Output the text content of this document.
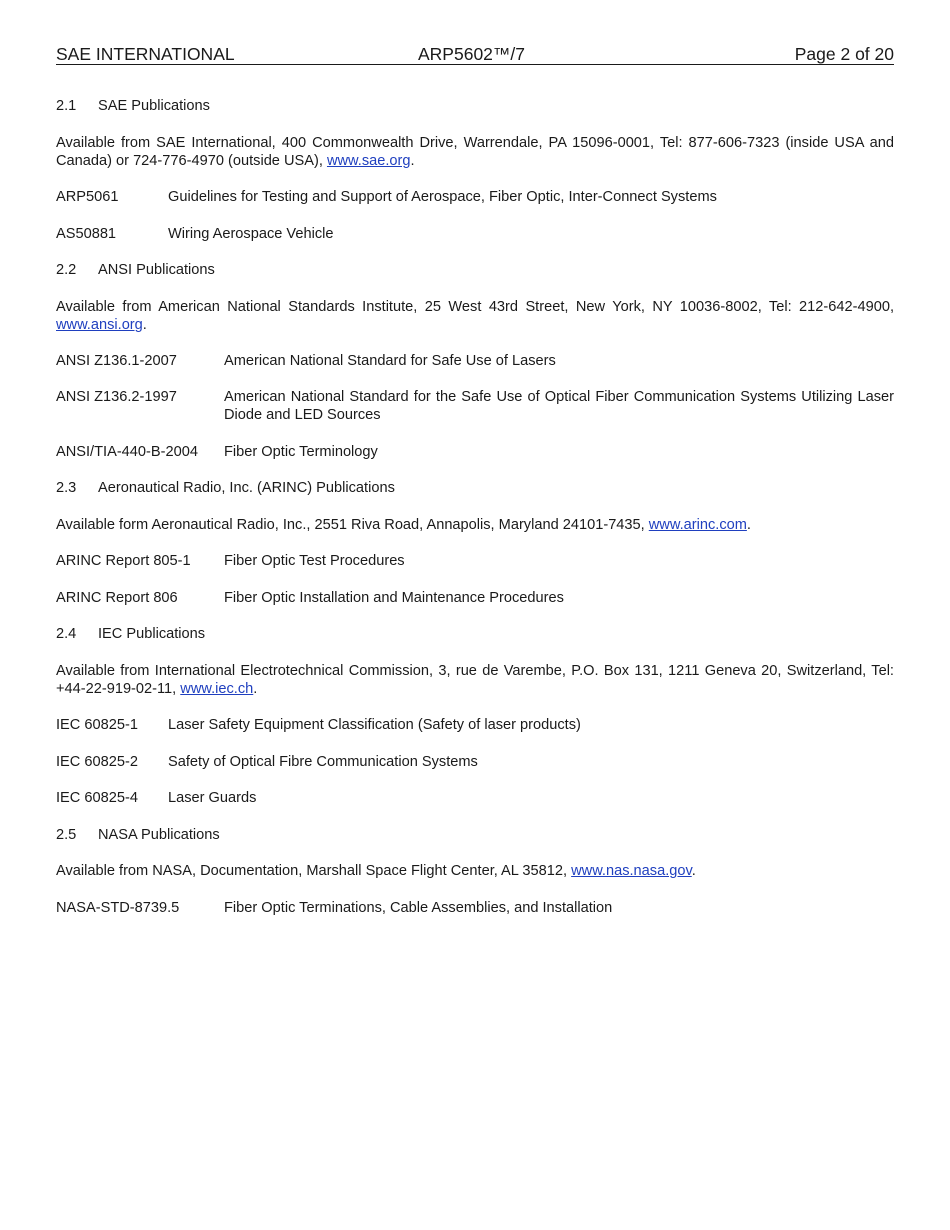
SAE INTERNATIONAL	ARP5602™/7	Page 2 of 20
2.1 SAE Publications
Available from SAE International, 400 Commonwealth Drive, Warrendale, PA 15096-0001, Tel: 877-606-7323 (inside USA and Canada) or 724-776-4970 (outside USA), www.sae.org.
ARP5061	Guidelines for Testing and Support of Aerospace, Fiber Optic, Inter-Connect Systems
AS50881	Wiring Aerospace Vehicle
2.2 ANSI Publications
Available from American National Standards Institute, 25 West 43rd Street, New York, NY 10036-8002, Tel: 212-642-4900, www.ansi.org.
ANSI Z136.1-2007	American National Standard for Safe Use of Lasers
ANSI Z136.2-1997	American National Standard for the Safe Use of Optical Fiber Communication Systems Utilizing Laser Diode and LED Sources
ANSI/TIA-440-B-2004	Fiber Optic Terminology
2.3 Aeronautical Radio, Inc. (ARINC) Publications
Available form Aeronautical Radio, Inc., 2551 Riva Road, Annapolis, Maryland 24101-7435, www.arinc.com.
ARINC Report 805-1	Fiber Optic Test Procedures
ARINC Report 806	Fiber Optic Installation and Maintenance Procedures
2.4 IEC Publications
Available from International Electrotechnical Commission, 3, rue de Varembe, P.O. Box 131, 1211 Geneva 20, Switzerland, Tel: +44-22-919-02-11, www.iec.ch.
IEC 60825-1	Laser Safety Equipment Classification (Safety of laser products)
IEC 60825-2	Safety of Optical Fibre Communication Systems
IEC 60825-4	Laser Guards
2.5 NASA Publications
Available from NASA, Documentation, Marshall Space Flight Center, AL 35812, www.nas.nasa.gov.
NASA-STD-8739.5	Fiber Optic Terminations, Cable Assemblies, and Installation
